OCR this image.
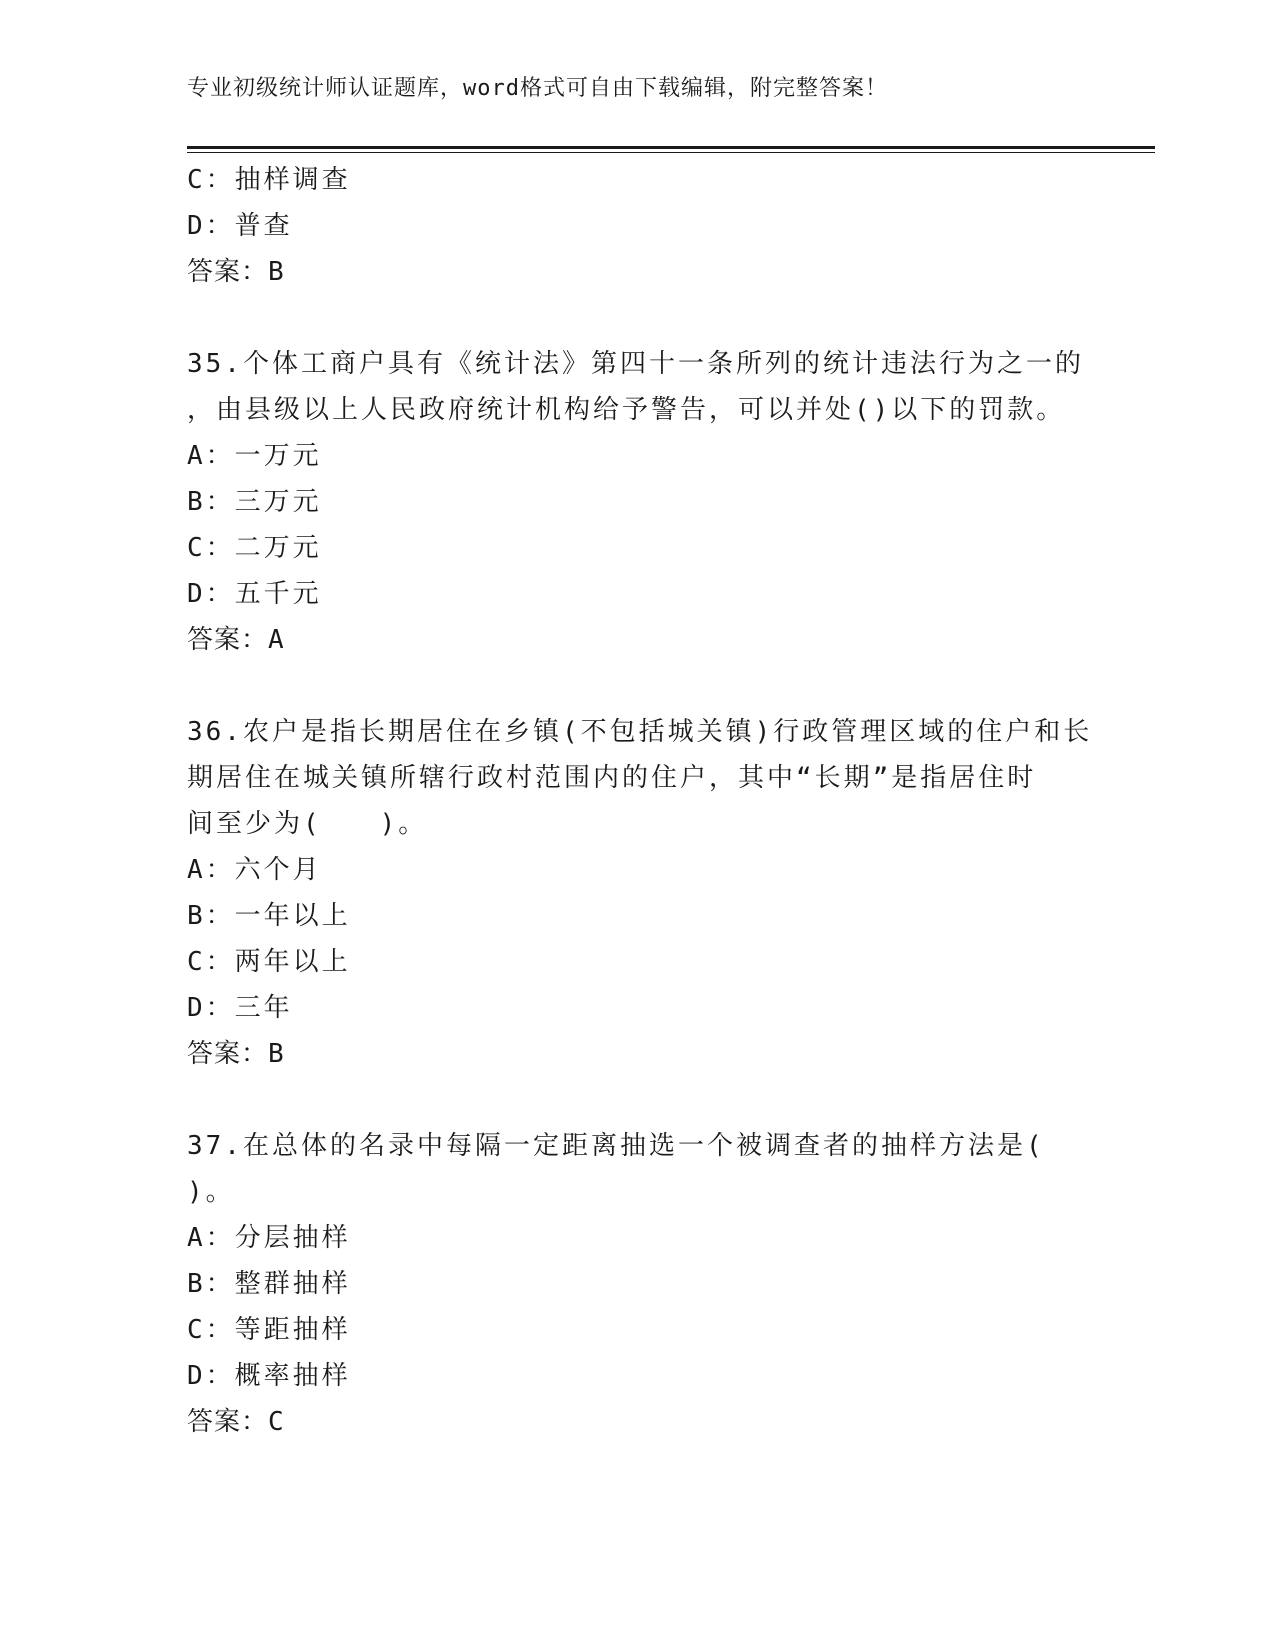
专业初级统计师认证题库，word格式可自由下载编辑，附完整答案！
C：抽样调查
D：普查
答案：B
35.个体工商户具有《统计法》第四十一条所列的统计违法行为之一的
，由县级以上人民政府统计机构给予警告，可以并处()以下的罚款。
A：一万元
B：三万元
C：二万元
D：五千元
答案：A
36.农户是指长期居住在乡镇(不包括城关镇)行政管理区域的住户和长
期居住在城关镇所辖行政村范围内的住户，其中“长期”是指居住时
间至少为(　　)。
A：六个月
B：一年以上
C：两年以上
D：三年
答案：B
37.在总体的名录中每隔一定距离抽选一个被调查者的抽样方法是(
)。
A：分层抽样
B：整群抽样
C：等距抽样
D：概率抽样
答案：C
